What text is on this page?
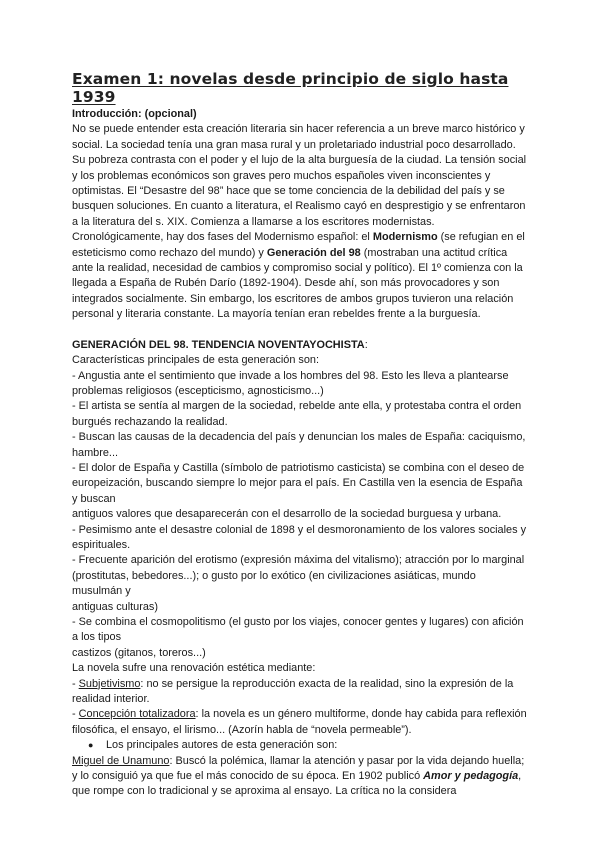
Examen 1: novelas desde principio de siglo hasta 1939

Introducción: (opcional)

No se puede entender esta creación literaria sin hacer referencia a un breve marco histórico y social. La sociedad tenía una gran masa rural y un proletariado industrial poco desarrollado. Su pobreza contrasta con el poder y el lujo de la alta burguesía de la ciudad. La tensión social y los problemas económicos son graves pero muchos españoles viven inconscientes y optimistas. El “Desastre del 98” hace que se tome conciencia de la debilidad del país y se busquen soluciones. En cuanto a literatura, el Realismo cayó en desprestigio y se enfrentaron a la literatura del s. XIX. Comienza a llamarse a los escritores modernistas. Cronológicamente, hay dos fases del Modernismo español: el Modernismo (se refugian en el esteticismo como rechazo del mundo) y Generación del 98 (mostraban una actitud crítica ante la realidad, necesidad de cambios y compromiso social y político). El 1º comienza con la llegada a España de Rubén Darío (1892-1904). Desde ahí, son más provocadores y son integrados socialmente. Sin embargo, los escritores de ambos grupos tuvieron una relación personal y literaria constante. La mayoría tenían eran rebeldes frente a la burguesía.

GENERACIÓN DEL 98. TENDENCIA NOVENTAYOCHISTA:

Características principales de esta generación son:

- Angustia ante el sentimiento que invade a los hombres del 98. Esto les lleva a plantearse problemas religiosos (escepticismo, agnosticismo...)

- El artista se sentía al margen de la sociedad, rebelde ante ella, y protestaba contra el orden burgués rechazando la realidad.

- Buscan las causas de la decadencia del país y denuncian los males de España: caciquismo, hambre...

- El dolor de España y Castilla (símbolo de patriotismo casticista) se combina con el deseo de europeización, buscando siempre lo mejor para el país. En Castilla ven la esencia de España y buscan

antiguos valores que desaparecerán con el desarrollo de la sociedad burguesa y urbana.

- Pesimismo ante el desastre colonial de 1898 y el desmoronamiento de los valores sociales y espirituales.

- Frecuente aparición del erotismo (expresión máxima del vitalismo); atracción por lo marginal

(prostitutas, bebedores...); o gusto por lo exótico (en civilizaciones asiáticas, mundo musulmán y

antiguas culturas)

- Se combina el cosmopolitismo (el gusto por los viajes, conocer gentes y lugares) con afición a los tipos

castizos (gitanos, toreros...)

La novela sufre una renovación estética mediante:

- Subjetivismo: no se persigue la reproducción exacta de la realidad, sino la expresión de la realidad interior.

- Concepción totalizadora: la novela es un género multiforme, donde hay cabida para reflexión filosófica, el ensayo, el lirismo... (Azorín habla de “novela permeable”).

● Los principales autores de esta generación son:

Miguel de Unamuno: Buscó la polémica, llamar la atención y pasar por la vida dejando huella; y lo consiguió ya que fue el más conocido de su época. En 1902 publicó Amor y pedagogía, que rompe con lo tradicional y se aproxima al ensayo. La crítica no la considera
